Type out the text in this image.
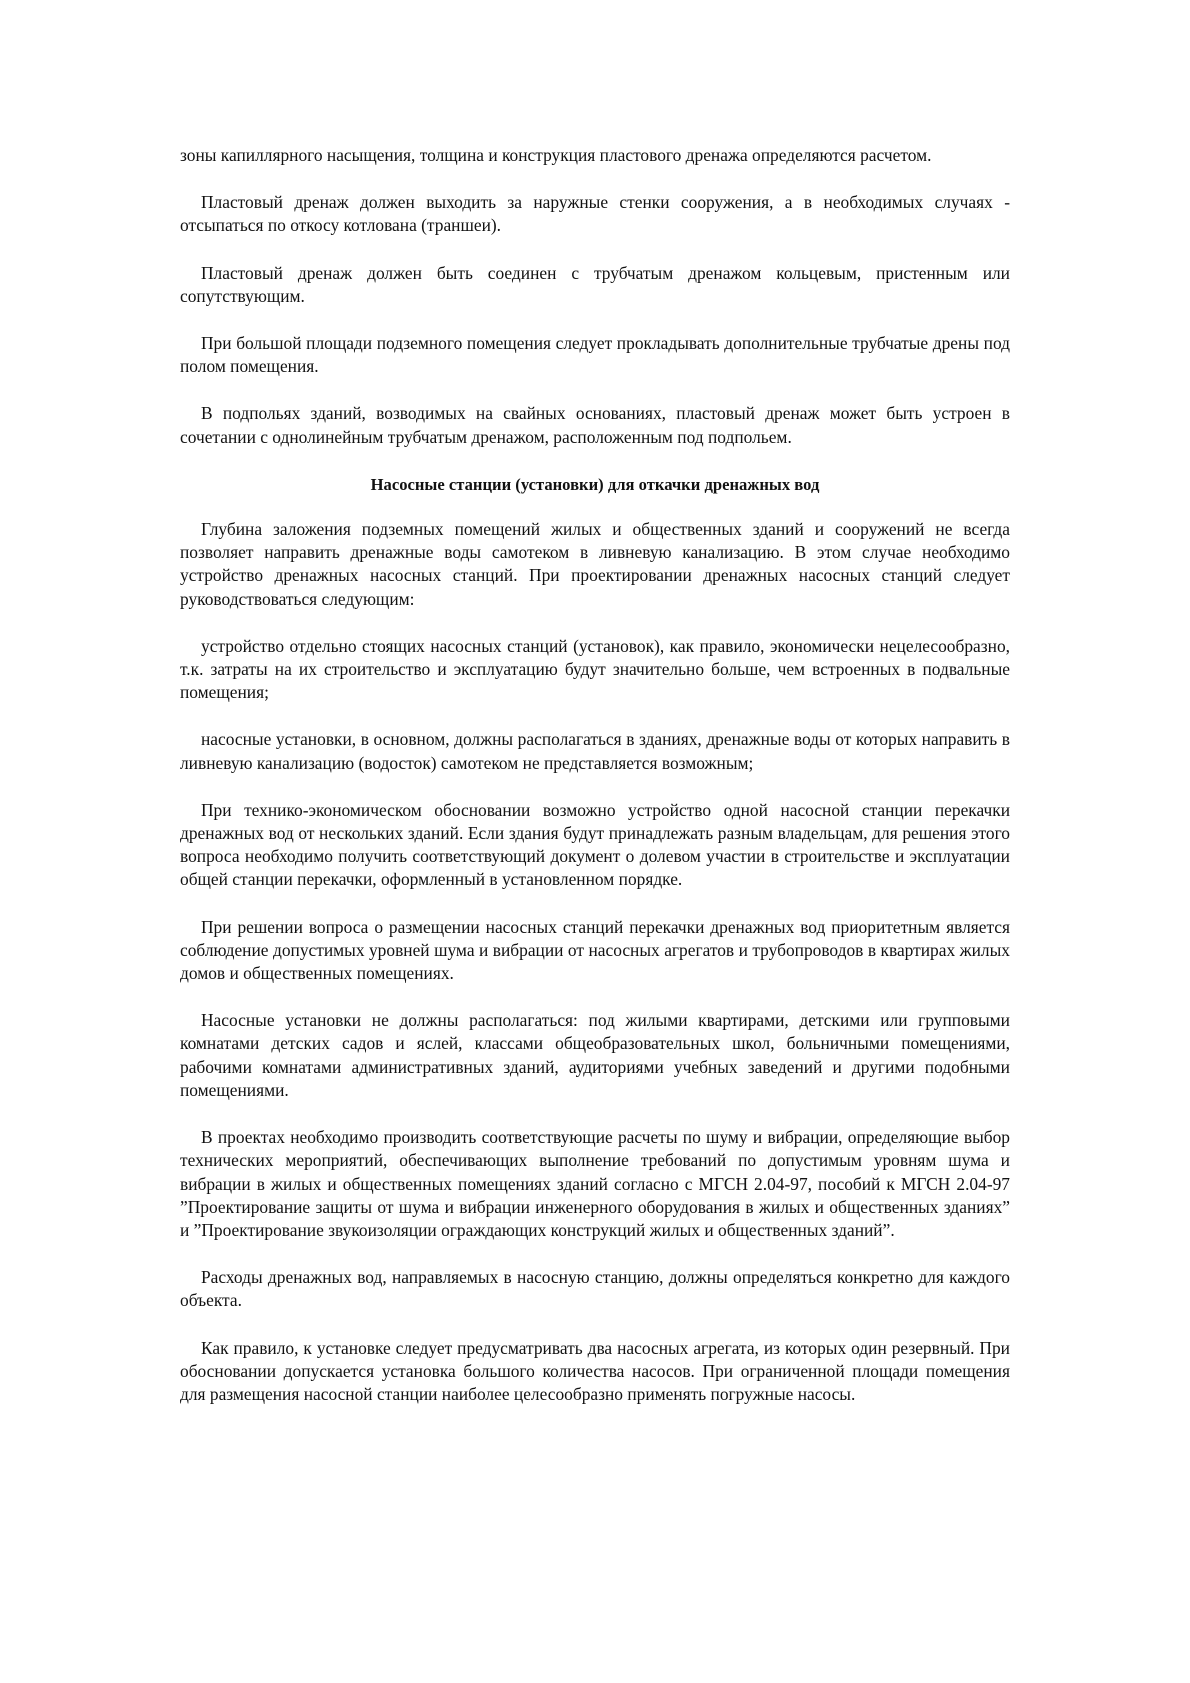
зоны капиллярного насыщения, толщина и конструкция пластового дренажа определяются расчетом.

Пластовый дренаж должен выходить за наружные стенки сооружения, а в необходимых случаях - отсыпаться по откосу котлована (траншеи).

Пластовый дренаж должен быть соединен с трубчатым дренажом кольцевым, пристенным или сопутствующим.

При большой площади подземного помещения следует прокладывать дополнительные трубчатые дрены под полом помещения.

В подпольях зданий, возводимых на свайных основаниях, пластовый дренаж может быть устроен в сочетании с однолинейным трубчатым дренажом, расположенным под подпольем.

Насосные станции (установки) для откачки дренажных вод

Глубина заложения подземных помещений жилых и общественных зданий и сооружений не всегда позволяет направить дренажные воды самотеком в ливневую канализацию. В этом случае необходимо устройство дренажных насосных станций. При проектировании дренажных насосных станций следует руководствоваться следующим:

устройство отдельно стоящих насосных станций (установок), как правило, экономически нецелесообразно, т.к. затраты на их строительство и эксплуатацию будут значительно больше, чем встроенных в подвальные помещения;

насосные установки, в основном, должны располагаться в зданиях, дренажные воды от которых направить в ливневую канализацию (водосток) самотеком не представляется возможным;

При технико-экономическом обосновании возможно устройство одной насосной станции перекачки дренажных вод от нескольких зданий. Если здания будут принадлежать разным владельцам, для решения этого вопроса необходимо получить соответствующий документ о долевом участии в строительстве и эксплуатации общей станции перекачки, оформленный в установленном порядке.

При решении вопроса о размещении насосных станций перекачки дренажных вод приоритетным является соблюдение допустимых уровней шума и вибрации от насосных агрегатов и трубопроводов в квартирах жилых домов и общественных помещениях.

Насосные установки не должны располагаться: под жилыми квартирами, детскими или групповыми комнатами детских садов и яслей, классами общеобразовательных школ, больничными помещениями, рабочими комнатами административных зданий, аудиториями учебных заведений и другими подобными помещениями.

В проектах необходимо производить соответствующие расчеты по шуму и вибрации, определяющие выбор технических мероприятий, обеспечивающих выполнение требований по допустимым уровням шума и вибрации в жилых и общественных помещениях зданий согласно с МГСН 2.04-97, пособий к МГСН 2.04-97 ”Проектирование защиты от шума и вибрации инженерного оборудования в жилых и общественных зданиях” и ”Проектирование звукоизоляции ограждающих конструкций жилых и общественных зданий”.

Расходы дренажных вод, направляемых в насосную станцию, должны определяться конкретно для каждого объекта.

Как правило, к установке следует предусматривать два насосных агрегата, из которых один резервный. При обосновании допускается установка большого количества насосов. При ограниченной площади помещения для размещения насосной станции наиболее целесообразно применять погружные насосы.
